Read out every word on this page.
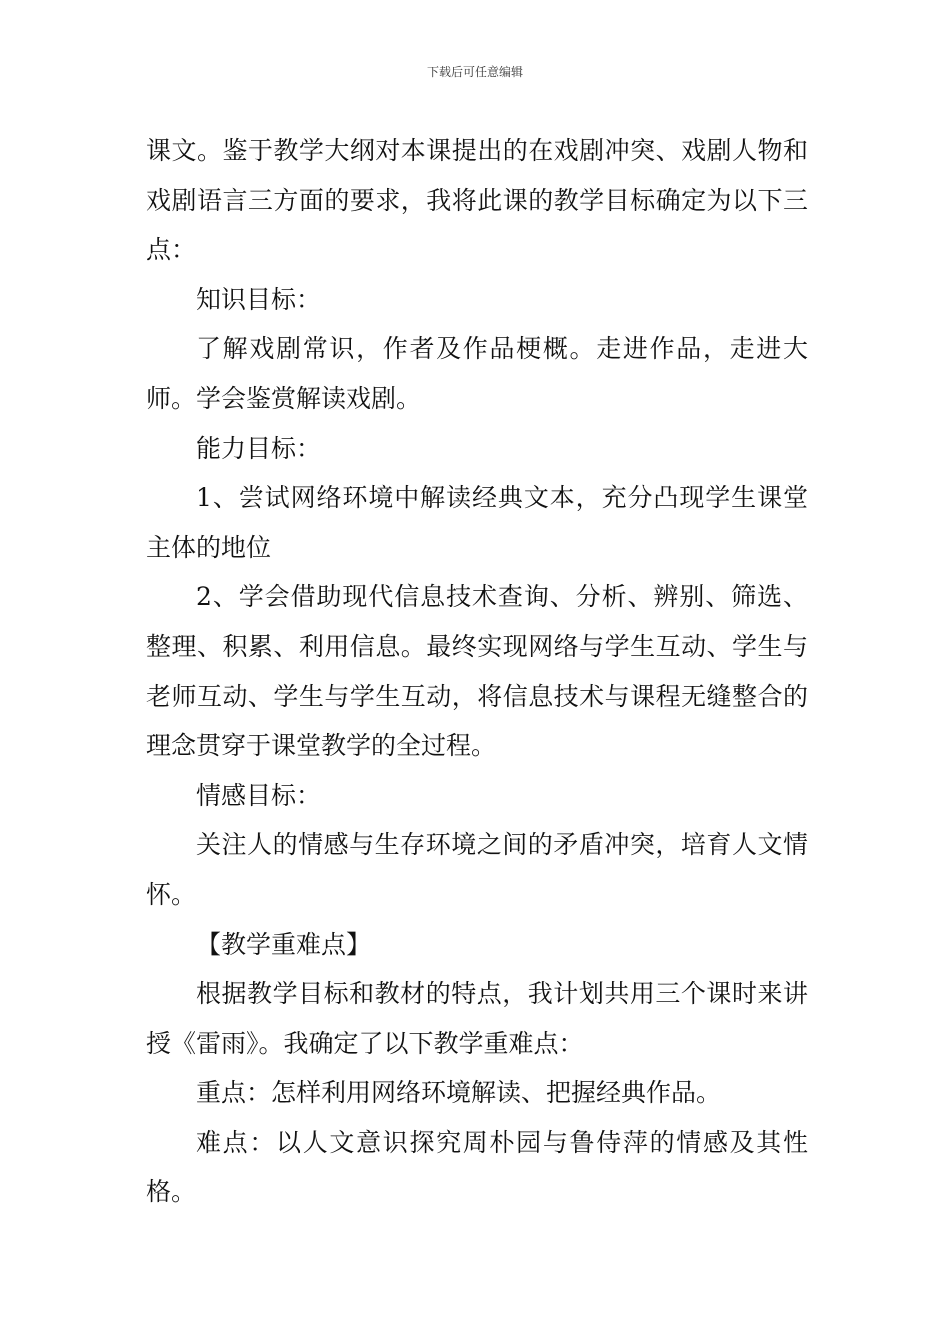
下载后可任意编辑

课文。鉴于教学大纲对本课提出的在戏剧冲突、戏剧人物和戏剧语言三方面的要求，我将此课的教学目标确定为以下三点：

知识目标：

了解戏剧常识，作者及作品梗概。走进作品，走进大师。学会鉴赏解读戏剧。

能力目标：

1、尝试网络环境中解读经典文本，充分凸现学生课堂主体的地位

2、学会借助现代信息技术查询、分析、辨别、筛选、整理、积累、利用信息。最终实现网络与学生互动、学生与老师互动、学生与学生互动，将信息技术与课程无缝整合的理念贯穿于课堂教学的全过程。

情感目标：

关注人的情感与生存环境之间的矛盾冲突，培育人文情怀。

【教学重难点】

根据教学目标和教材的特点，我计划共用三个课时来讲授《雷雨》。我确定了以下教学重难点：

重点：怎样利用网络环境解读、把握经典作品。

难点：以人文意识探究周朴园与鲁侍萍的情感及其性格。
